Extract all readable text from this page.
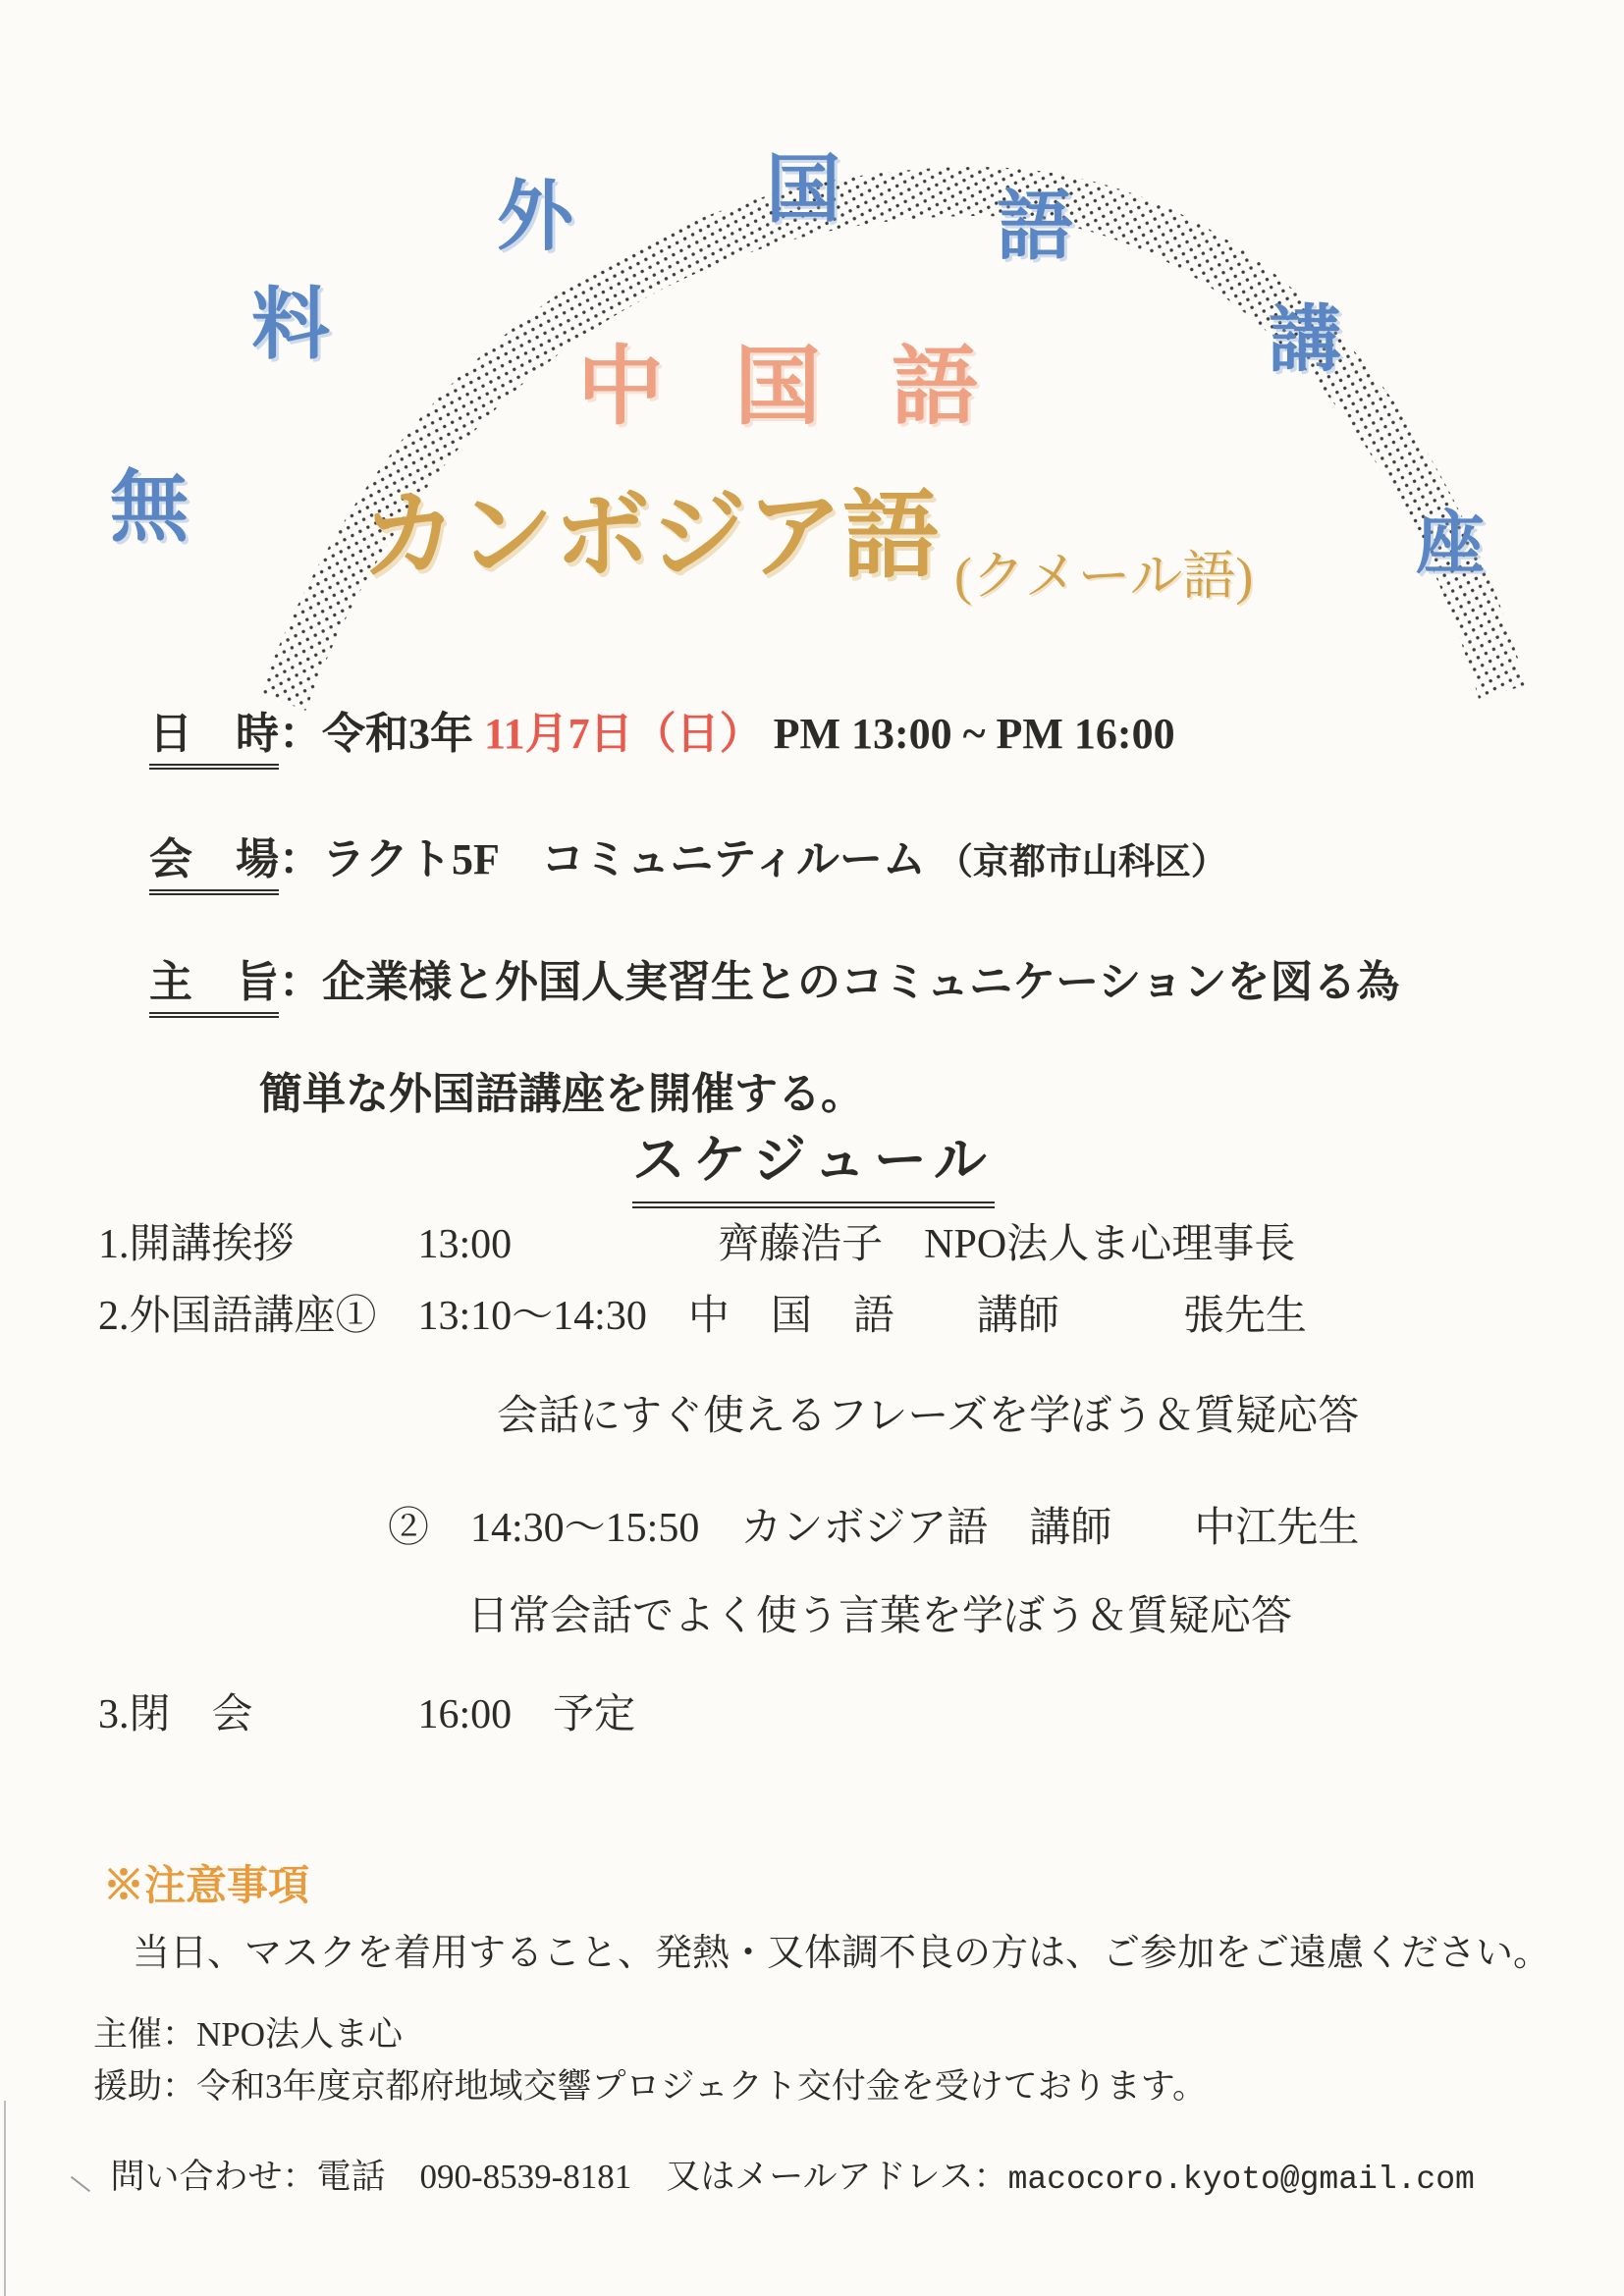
無
料
外	国 語
講
座
中国語
カンボジア語 (クメール語)

日　時：令和3年 11月7日（日） PM 13:00 ~ PM 16:00

会　場：ラクト5F　コミュニティルーム （京都市山科区）

主　旨：企業様と外国人実習生とのコミュニケーションを図る為

簡単な外国語講座を開催する。

スケジュール
1.開講挨拶　　　13:00　　　　　齊藤浩子　NPO法人ま心理事長
2.外国語講座①　13:10～14:30　中　国　語　　講師　　　張先生
会話にすぐ使えるフレーズを学ぼう＆質疑応答
②　14:30～15:50　カンボジア語　講師　　中江先生
日常会話でよく使う言葉を学ぼう＆質疑応答
3.閉　会　　　　16:00　予定
※注意事項
当日、マスクを着用すること、発熱・又体調不良の方は、ご参加をご遠慮ください。
主催：NPO法人ま心
援助：令和3年度京都府地域交響プロジェクト交付金を受けております。

問い合わせ：電話　090-8539-8181　又はメールアドレス：macocoro.kyoto@gmail.com
